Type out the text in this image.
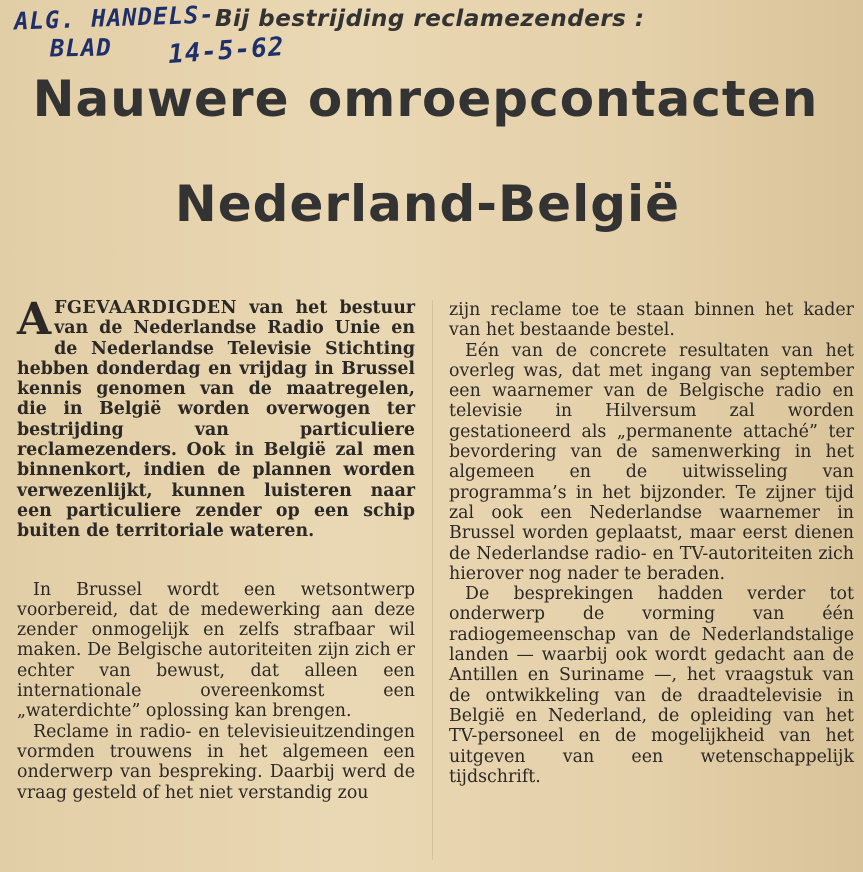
ALG. HANDELS-
BLAD 14-5-62
Bij bestrijding reclamezenders :
Nauwere omroepcontacten
Nederland-België

AFGEVAARDIGDEN van het bestuur van de Nederlandse Radio Unie en de Nederlandse Televisie Stichting hebben donderdag en vrijdag in Brussel kennis genomen van de maatregelen, die in België worden overwogen ter bestrijding van particuliere reclamezenders. Ook in België zal men binnenkort, indien de plannen worden verwezenlijkt, kunnen luisteren naar een particuliere zender op een schip buiten de territoriale wateren.

In Brussel wordt een wetsontwerp voorbereid, dat de medewerking aan deze zender onmogelijk en zelfs strafbaar wil maken. De Belgische autoriteiten zijn zich er echter van bewust, dat alleen een internationale overeenkomst een „waterdichte” oplossing kan brengen.

Reclame in radio- en televisieuitzendingen vormden trouwens in het algemeen een onderwerp van bespreking. Daarbij werd de vraag gesteld of het niet verstandig zou

zijn reclame toe te staan binnen het kader van het bestaande bestel.

Eén van de concrete resultaten van het overleg was, dat met ingang van september een waarnemer van de Belgische radio en televisie in Hilversum zal worden gestationeerd als „permanente attaché” ter bevordering van de samenwerking in het algemeen en de uitwisseling van programma’s in het bijzonder. Te zijner tijd zal ook een Nederlandse waarnemer in Brussel worden geplaatst, maar eerst dienen de Nederlandse radio- en TV-autoriteiten zich hierover nog nader te beraden.

De besprekingen hadden verder tot onderwerp de vorming van één radiogemeenschap van de Nederlandstalige landen — waarbij ook wordt gedacht aan de Antillen en Suriname —, het vraagstuk van de ontwikkeling van de draadtelevisie in België en Nederland, de opleiding van het TV-personeel en de mogelijkheid van het uitgeven van een wetenschappelijk tijdschrift.
